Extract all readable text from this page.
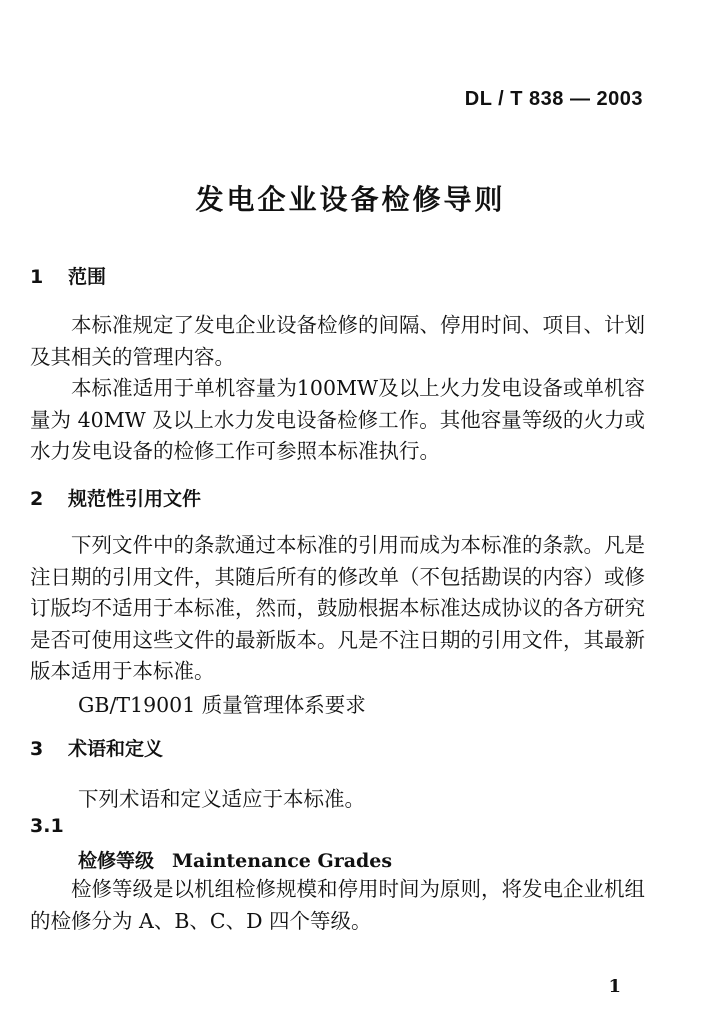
DL / T 838 — 2003
发电企业设备检修导则
1 范围

本标准规定了发电企业设备检修的间隔、停用时间、项目、计划及其相关的管理内容。

本标准适用于单机容量为100MW及以上火力发电设备或单机容量为 40MW 及以上水力发电设备检修工作。其他容量等级的火力或水力发电设备的检修工作可参照本标准执行。

2 规范性引用文件

下列文件中的条款通过本标准的引用而成为本标准的条款。凡是注日期的引用文件，其随后所有的修改单（不包括勘误的内容）或修订版均不适用于本标准，然而，鼓励根据本标准达成协议的各方研究是否可使用这些文件的最新版本。凡是不注日期的引用文件，其最新版本适用于本标准。

GB/T19001 质量管理体系要求
3 术语和定义
下列术语和定义适应于本标准。
3.1
检修等级 Maintenance Grades

检修等级是以机组检修规模和停用时间为原则，将发电企业机组的检修分为 A、B、C、D 四个等级。

1
